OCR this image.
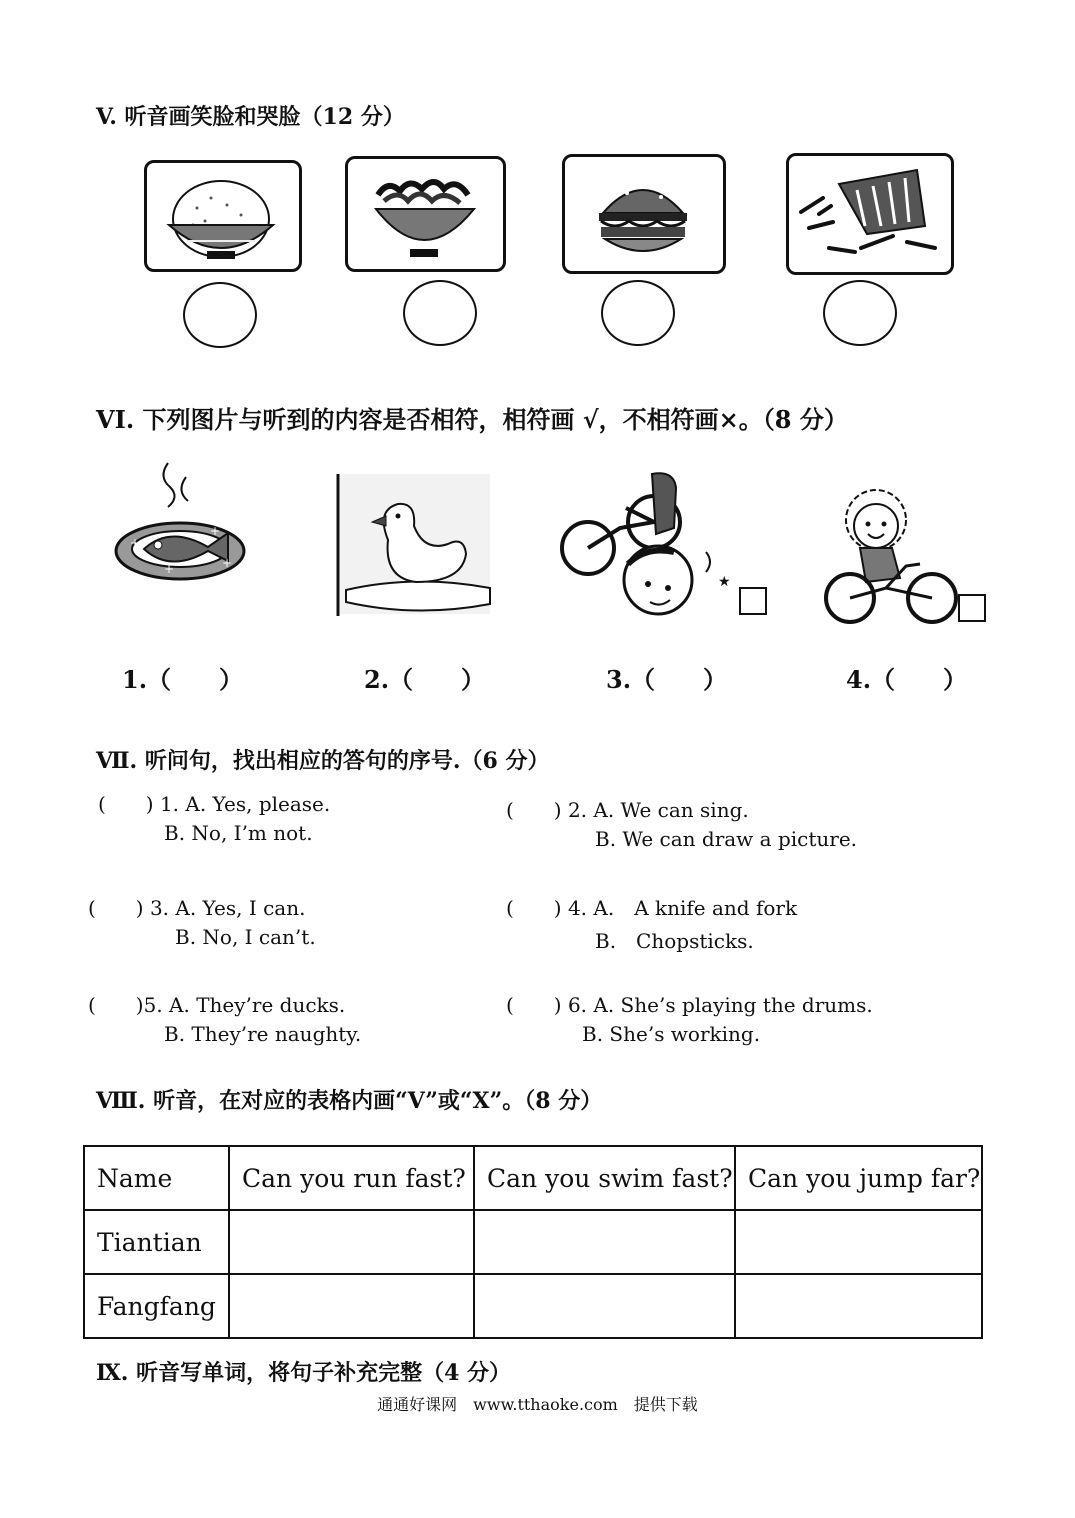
V. 听音画笑脸和哭脸（12 分）
VI. 下列图片与听到的内容是否相符，相符画 √，不相符画×。（8 分）
+
+
+
+
★
1.（　　）	2.（　　）	3.（　　）	4.（　　）
Ⅶ. 听问句，找出相应的答句的序号.（6 分）
(　　) 1. A. Yes, please.
B. No, I’m not.
(　　) 2. A. We can sing.
B. We can draw a picture.
(　　) 3. A. Yes, I can.
B. No, I can’t.
(　　) 4. A.　A knife and fork
B.　Chopsticks.
(　　)5. A. They’re ducks.
B. They’re naughty.
(　　) 6. A. She’s playing the drums.
B. She’s working.
Ⅷ. 听音，在对应的表格内画“V”或“X”。（8 分）
Name	Can you run fast?	Can you swim fast?	Can you jump far?
Tiantian			
Fangfang			
Ⅸ. 听音写单词，将句子补充完整（4 分）
通通好课网　www.tthaoke.com　提供下载
